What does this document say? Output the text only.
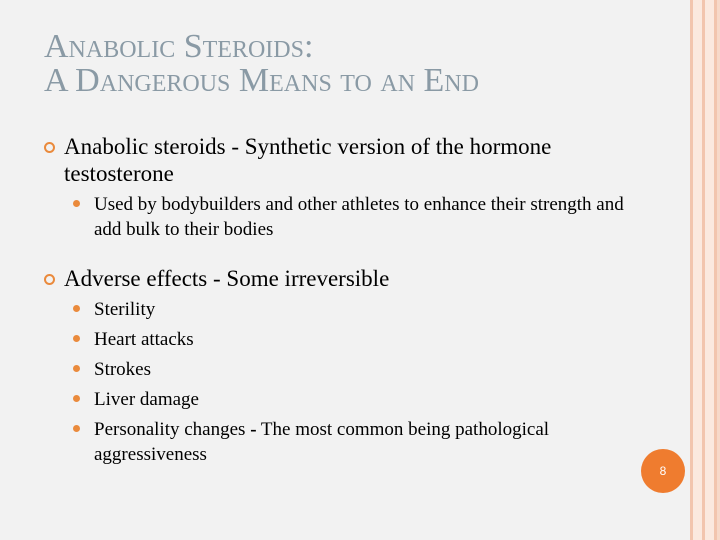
Anabolic Steroids:
A Dangerous Means to an End
Anabolic steroids - Synthetic version of the hormone testosterone
Used by bodybuilders and other athletes to enhance their strength and add bulk to their bodies
Adverse effects - Some irreversible
Sterility
Heart attacks
Strokes
Liver damage
Personality changes - The most common being pathological aggressiveness
8
